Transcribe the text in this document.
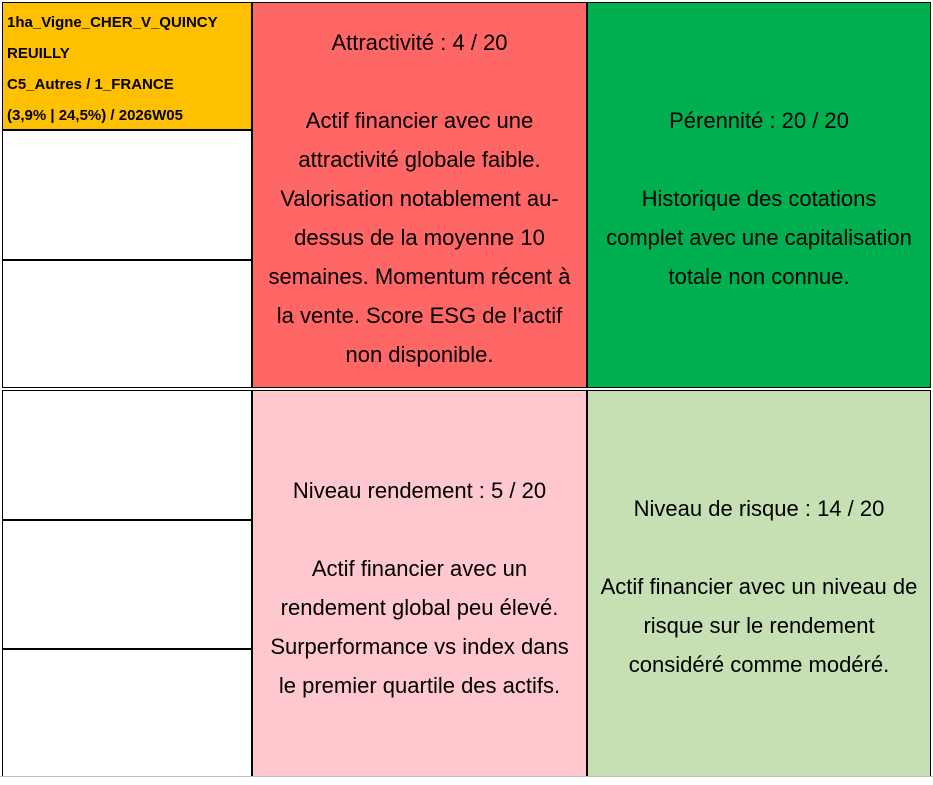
1ha_Vigne_CHER_V_QUINCY
REUILLY
C5_Autres / 1_FRANCE
(3,9% | 24,5%) / 2026W05
Attractivité : 4 / 20
Actif financier avec une
attractivité globale faible.
Valorisation notablement au-
dessus de la moyenne 10
semaines. Momentum récent à
la vente. Score ESG de l'actif
non disponible.
Pérennité : 20 / 20
Historique des cotations
complet avec une capitalisation
totale non connue.
Niveau rendement : 5 / 20
Actif financier avec un
rendement global peu élevé.
Surperformance vs index dans
le premier quartile des actifs.
Niveau de risque : 14 / 20
Actif financier avec un niveau de
risque sur le rendement
considéré comme modéré.
